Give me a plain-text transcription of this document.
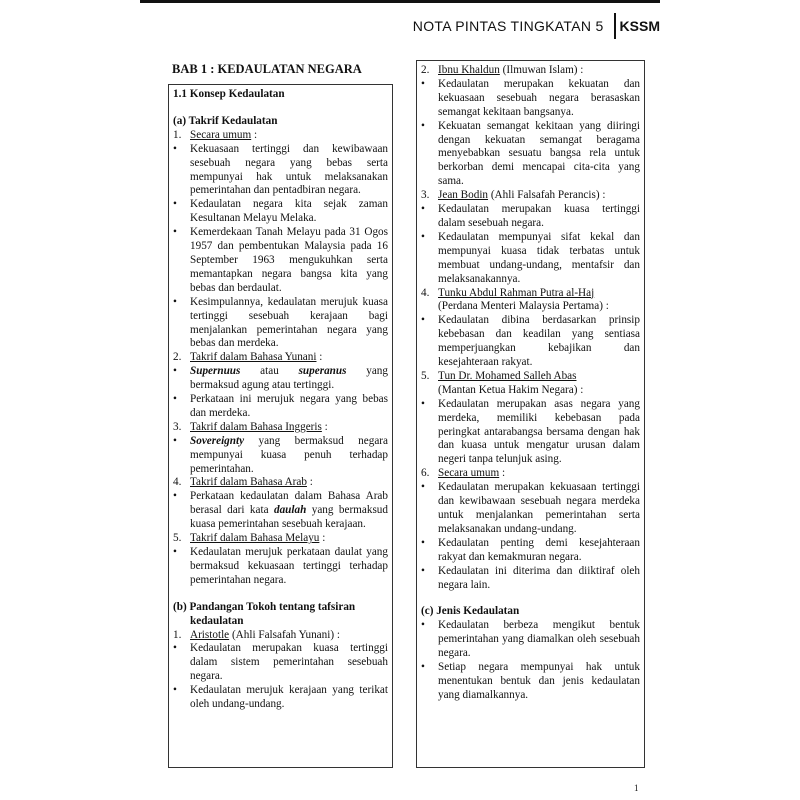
NOTA PINTAS TINGKATAN 5	KSSM
BAB 1 : KEDAULATAN NEGARA
1.1 Konsep Kedaulatan
(a) Takrif Kedaulatan
1. Secara umum :
•	Kekuasaan tertinggi dan kewibawaan sesebuah negara yang bebas serta mempunyai hak untuk melaksanakan pemerintahan dan pentadbiran negara.
•	Kedaulatan negara kita sejak zaman Kesultanan Melayu Melaka.
•	Kemerdekaan Tanah Melayu pada 31 Ogos 1957 dan pembentukan Malaysia pada 16 September 1963 mengukuhkan serta memantapkan negara bangsa kita yang bebas dan berdaulat.
•	Kesimpulannya, kedaulatan merujuk kuasa tertinggi sesebuah kerajaan bagi menjalankan pemerintahan negara yang bebas dan merdeka.
2. Takrif dalam Bahasa Yunani :
•	Supernuus atau superanus yang bermaksud agung atau tertinggi.
•	Perkataan ini merujuk negara yang bebas dan merdeka.
3. Takrif dalam Bahasa Inggeris :
•	Sovereignty yang bermaksud negara mempunyai kuasa penuh terhadap pemerintahan.
4. Takrif dalam Bahasa Arab :
•	Perkataan kedaulatan dalam Bahasa Arab berasal dari kata daulah yang bermaksud kuasa pemerintahan sesebuah kerajaan.
5. Takrif dalam Bahasa Melayu :
•	Kedaulatan merujuk perkataan daulat yang bermaksud kekuasaan tertinggi terhadap pemerintahan negara.
(b) Pandangan Tokoh tentang tafsiran
kedaulatan
1. Aristotle (Ahli Falsafah Yunani) :
•	Kedaulatan merupakan kuasa tertinggi dalam sistem pemerintahan sesebuah negara.
•	Kedaulatan merujuk kerajaan yang terikat oleh undang-undang.
2. Ibnu Khaldun (Ilmuwan Islam) :
•	Kedaulatan merupakan kekuatan dan kekuasaan sesebuah negara berasaskan semangat kekitaan bangsanya.
•	Kekuatan semangat kekitaan yang diiringi dengan kekuatan semangat beragama menyebabkan sesuatu bangsa rela untuk berkorban demi mencapai cita-cita yang sama.
3. Jean Bodin (Ahli Falsafah Perancis) :
•	Kedaulatan merupakan kuasa tertinggi dalam sesebuah negara.
•	Kedaulatan mempunyai sifat kekal dan mempunyai kuasa tidak terbatas untuk membuat undang-undang, mentafsir dan melaksanakannya.
4. Tunku Abdul Rahman Putra al-Haj
(Perdana Menteri Malaysia Pertama) :
•	Kedaulatan dibina berdasarkan prinsip kebebasan dan keadilan yang sentiasa memperjuangkan kebajikan dan kesejahteraan rakyat.
5. Tun Dr. Mohamed Salleh Abas
(Mantan Ketua Hakim Negara) :
•	Kedaulatan merupakan asas negara yang merdeka, memiliki kebebasan pada peringkat antarabangsa bersama dengan hak dan kuasa untuk mengatur urusan dalam negeri tanpa telunjuk asing.
6. Secara umum :
•	Kedaulatan merupakan kekuasaan tertinggi dan kewibawaan sesebuah negara merdeka untuk menjalankan pemerintahan serta melaksanakan undang-undang.
•	Kedaulatan penting demi kesejahteraan rakyat dan kemakmuran negara.
•	Kedaulatan ini diterima dan diiktiraf oleh negara lain.
(c) Jenis Kedaulatan
•	Kedaulatan berbeza mengikut bentuk pemerintahan yang diamalkan oleh sesebuah negara.
•	Setiap negara mempunyai hak untuk menentukan bentuk dan jenis kedaulatan yang diamalkannya.
1
